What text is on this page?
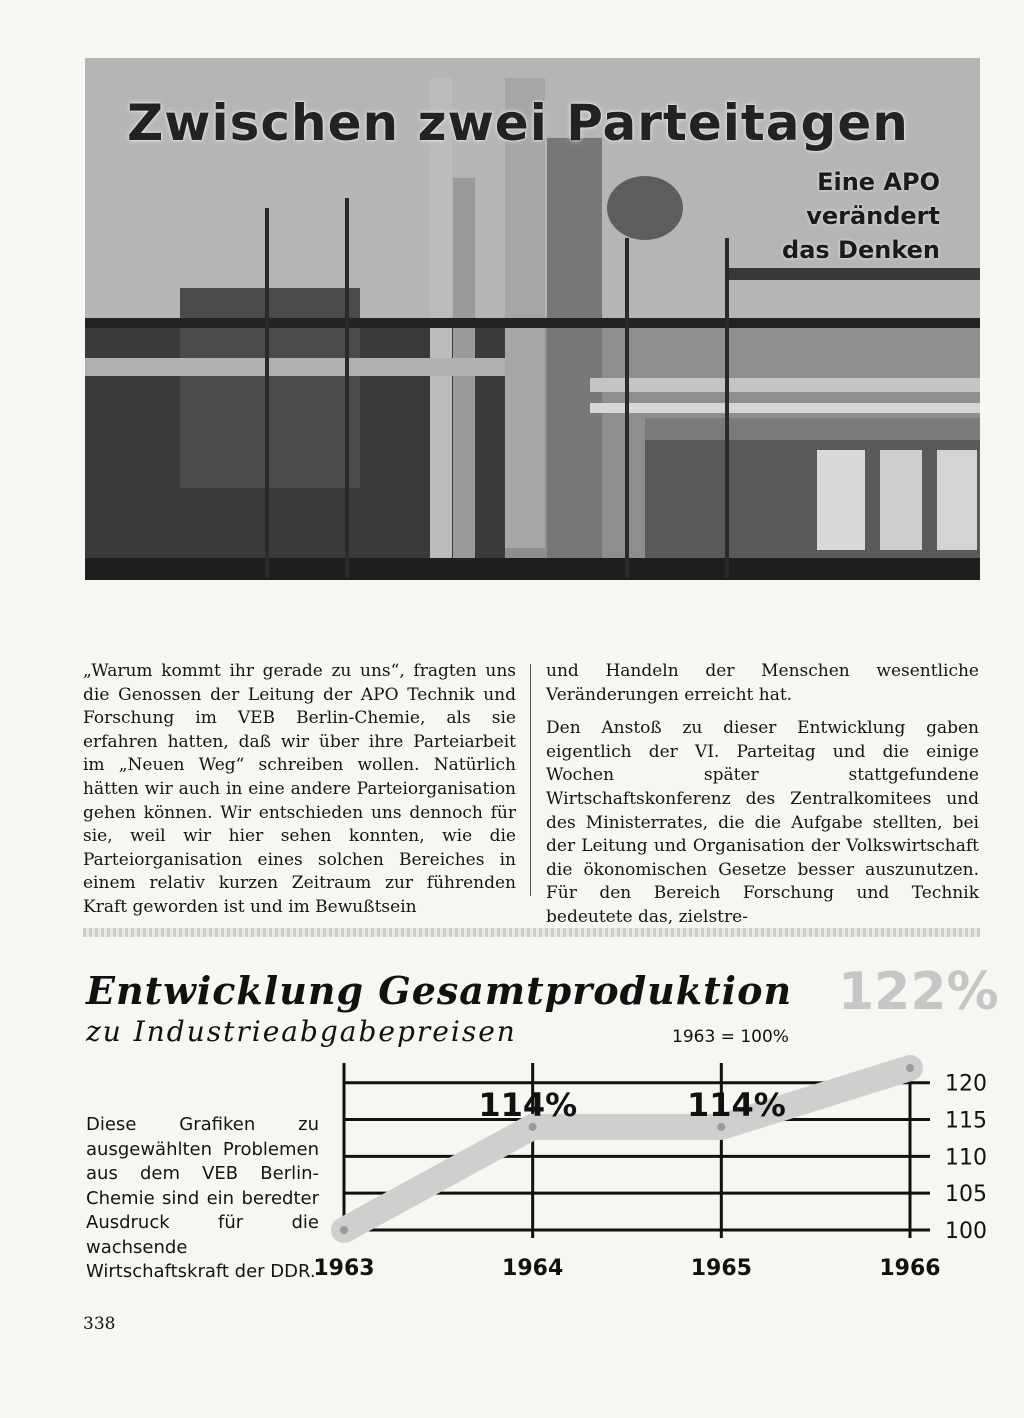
Zwischen zwei Parteitagen
Eine APO
verändert
das Denken

„Warum kommt ihr gerade zu uns“, fragten uns die Genossen der Leitung der APO Technik und Forschung im VEB Berlin-Chemie, als sie erfahren hatten, daß wir über ihre Parteiarbeit im „Neuen Weg“ schreiben wollen. Natürlich hätten wir auch in eine andere Parteiorganisation gehen können. Wir entschieden uns dennoch für sie, weil wir hier sehen konnten, wie die Parteiorganisation eines solchen Bereiches in einem relativ kurzen Zeitraum zur führenden Kraft geworden ist und im Bewußtsein

und Handeln der Menschen wesentliche Veränderungen erreicht hat.

Den Anstoß zu dieser Entwicklung gaben eigentlich der VI. Parteitag und die einige Wochen später stattgefundene Wirtschaftskonferenz des Zentralkomitees und des Ministerrates, die die Aufgabe stellten, bei der Leitung und Organisation der Volkswirtschaft die ökonomischen Gesetze besser auszunutzen. Für den Bereich Forschung und Technik bedeutete das, zielstre-

Entwicklung Gesamtproduktion
zu Industrieabgabepreisen
122%
1963 = 100%
100
105
110
115
120
114%	114%
1963	1964	1965	1966
Diese Grafiken zu ausgewählten Problemen aus dem VEB Berlin-Chemie sind ein beredter Ausdruck für die wachsende Wirtschaftskraft der DDR.
338
